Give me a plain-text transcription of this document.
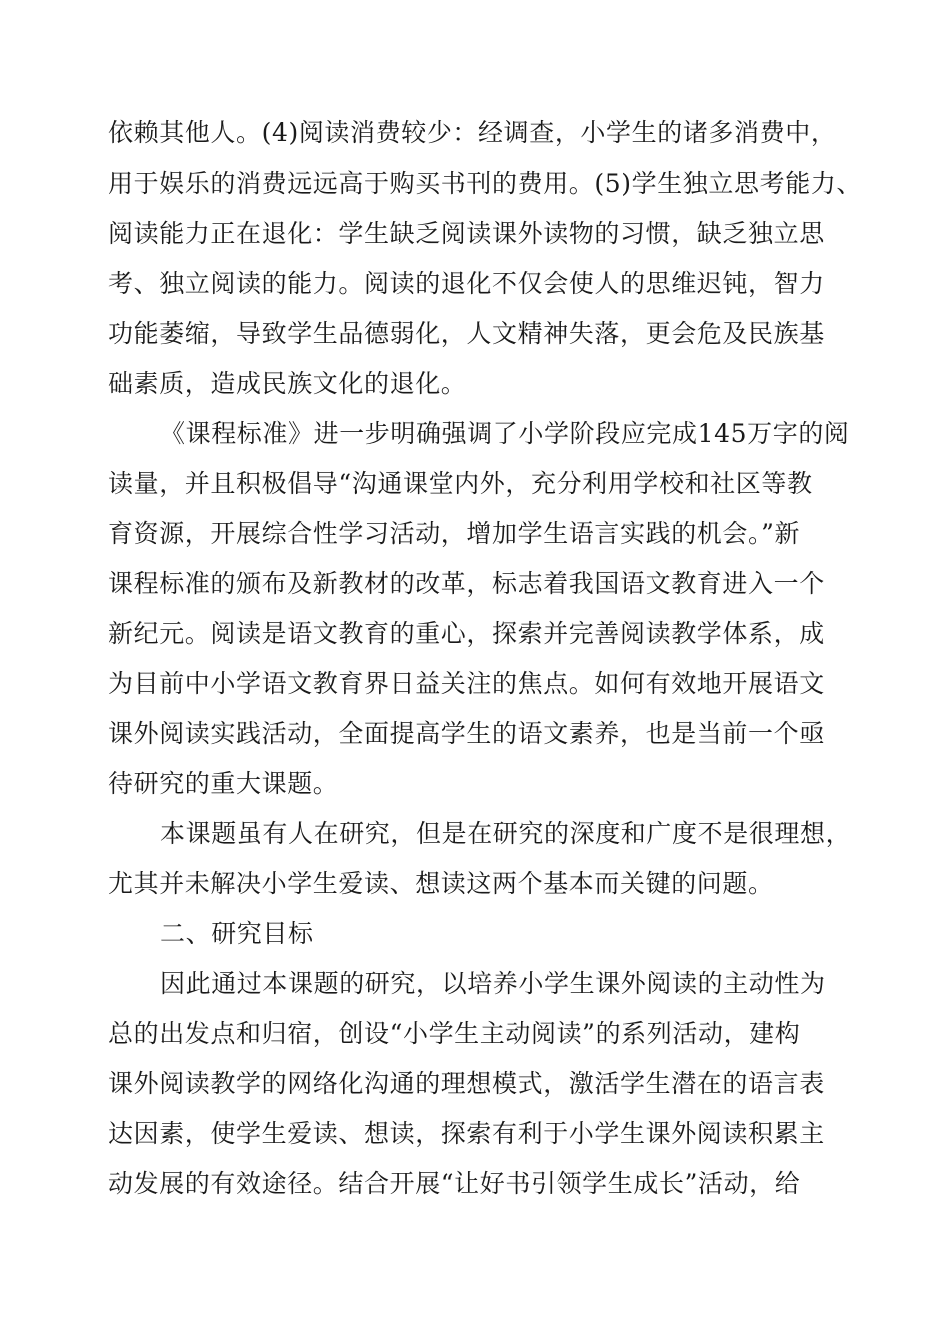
依赖其他人。(4)阅读消费较少：经调查，小学生的诸多消费中，
用于娱乐的消费远远高于购买书刊的费用。(5)学生独立思考能力、
阅读能力正在退化：学生缺乏阅读课外读物的习惯，缺乏独立思
考、独立阅读的能力。阅读的退化不仅会使人的思维迟钝，智力
功能萎缩，导致学生品德弱化，人文精神失落，更会危及民族基
础素质，造成民族文化的退化。
《课程标准》进一步明确强调了小学阶段应完成145万字的阅
读量，并且积极倡导“沟通课堂内外，充分利用学校和社区等教
育资源，开展综合性学习活动，增加学生语言实践的机会。”新
课程标准的颁布及新教材的改革，标志着我国语文教育进入一个
新纪元。阅读是语文教育的重心，探索并完善阅读教学体系，成
为目前中小学语文教育界日益关注的焦点。如何有效地开展语文
课外阅读实践活动，全面提高学生的语文素养，也是当前一个亟
待研究的重大课题。
本课题虽有人在研究，但是在研究的深度和广度不是很理想，
尤其并未解决小学生爱读、想读这两个基本而关键的问题。
二、研究目标
因此通过本课题的研究，以培养小学生课外阅读的主动性为
总的出发点和归宿，创设“小学生主动阅读”的系列活动，建构
课外阅读教学的网络化沟通的理想模式，激活学生潜在的语言表
达因素，使学生爱读、想读，探索有利于小学生课外阅读积累主
动发展的有效途径。结合开展“让好书引领学生成长”活动，给
